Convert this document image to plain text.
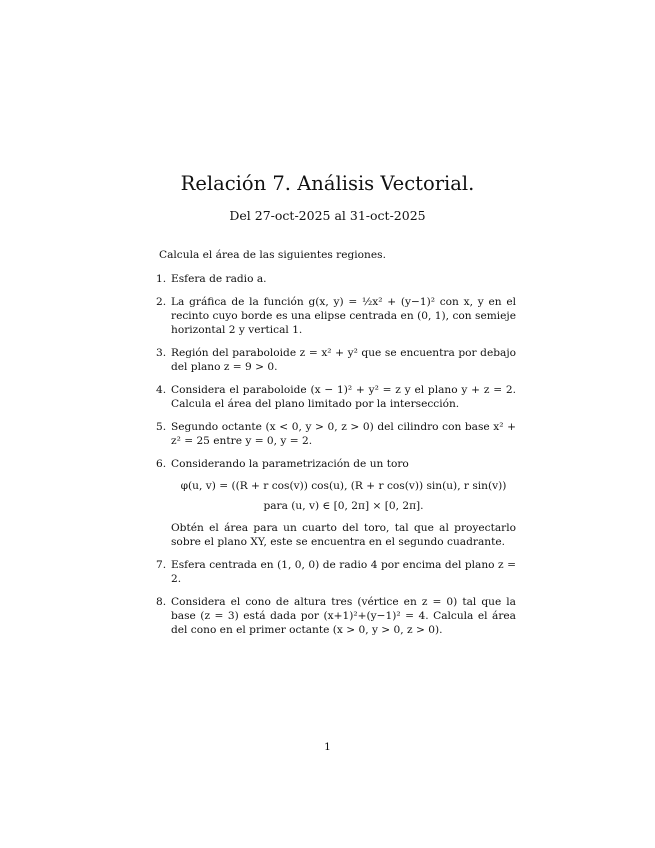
Relación 7. Análisis Vectorial.

Del 27-oct-2025 al 31-oct-2025

Calcula el área de las siguientes regiones.

1. Esfera de radio a.
2. La gráfica de la función g(x, y) = ½x² + (y−1)² con x, y en el recinto cuyo borde es una elipse centrada en (0, 1), con semieje horizontal 2 y vertical 1.
3. Región del paraboloide z = x² + y² que se encuentra por debajo del plano z = 9 > 0.
4. Considera el paraboloide (x − 1)² + y² = z y el plano y + z = 2. Calcula el área del plano limitado por la intersección.
5. Segundo octante (x < 0, y > 0, z > 0) del cilindro con base x² + z² = 25 entre y = 0, y = 2.
6. Considerando la parametrización de un toro
φ(u, v) = ((R + r cos(v)) cos(u), (R + r cos(v)) sin(u), r sin(v))
para (u, v) ∈ [0, 2π] × [0, 2π].

Obtén el área para un cuarto del toro, tal que al proyectarlo sobre el plano XY, este se encuentra en el segundo cuadrante.

7. Esfera centrada en (1, 0, 0) de radio 4 por encima del plano z = 2.
8. Considera el cono de altura tres (vértice en z = 0) tal que la base (z = 3) está dada por (x+1)²+(y−1)² = 4. Calcula el área del cono en el primer octante (x > 0, y > 0, z > 0).
1
